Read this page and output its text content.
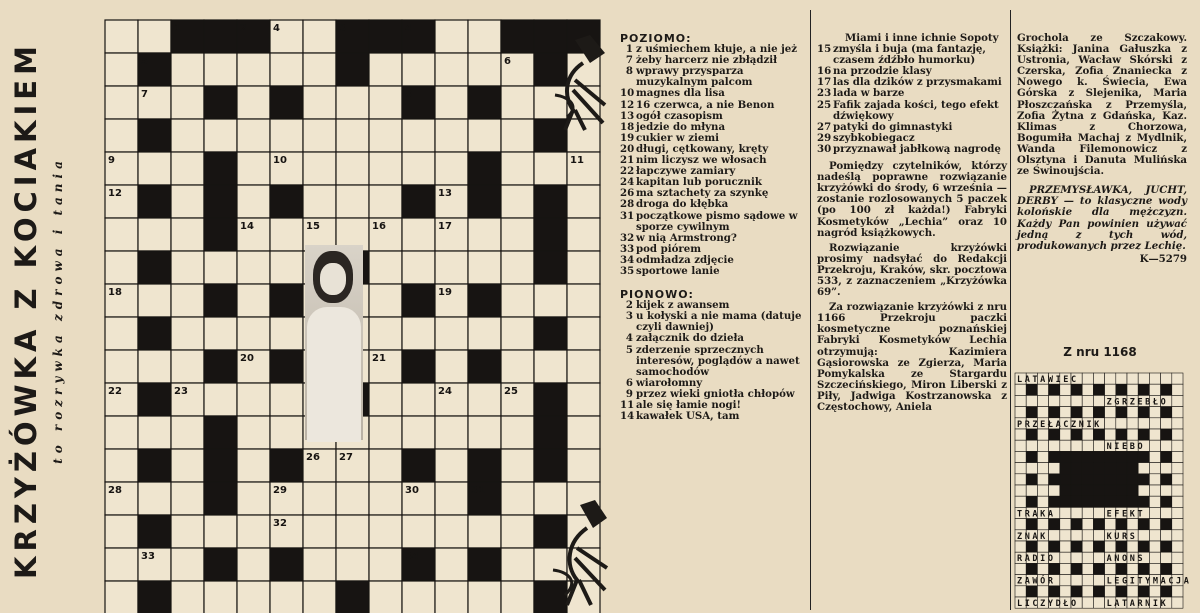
KRZYŻÓWKA Z KOCIAKIEM to rozrywka zdrowa i tania
1	4
2	3	4
5	6
7	8
9	10	11
12	13
14	15	16	17
18	19
20	21
22	23	24	25
26 27
28	29	30	31
32
33	34
POZIOMO:
1 z uśmiechem kłuje, a nie jeż
7 żeby harcerz nie zbłądził
8 wprawy przysparza muzykalnym palcom
10 magnes dla lisa
12 16 czerwca, a nie Benon
13 ogół czasopism
18 jedzie do młyna
19 cukier w ziemi
20 długi, cętkowany, kręty
21 nim liczysz we włosach
22 łapczywe zamiary
24 kapitan lub porucznik
26 ma sztachety za szynkę
28 droga do kłębka
31 początkowe pismo sądowe w sporze cywilnym
32 w nią Armstrong?
33 pod piórem
34 odmładza zdjęcie
35 sportowe lanie
PIONOWO:
2 kijek z awansem
3 u kołyski a nie mama (datuje czyli dawniej)
4 załącznik do dzieła
5 zderzenie sprzecznych interesów, poglądów a nawet samochodów
6 wiarołomny
9 przez wieki gniotła chłopów
11 ale się łamie nogi!
14 kawałek USA, tam
Miami i inne ichnie Sopoty
15 zmyśla i buja (ma fantazję, czasem źdźbło humorku)
16 na przodzie klasy
17 las dla dzików z przysmakami
23 lada w barze
25 Fafik zajada kości, tego efekt dźwiękowy
27 patyki do gimnastyki
29 szybkobiegacz
30 przyznawał jabłkową nagrodę

Pomiędzy czytelników, którzy nadeślą poprawne rozwiązanie krzyżówki do środy, 6 września — zostanie rozlosowanych 5 paczek (po 100 zł każda!) Fabryki Kosmetyków „Lechia” oraz 10 nagród książkowych.

Rozwiązanie krzyżówki prosimy nadsyłać do Redakcji Przekroju, Kraków, skr. pocztowa 533, z zaznaczeniem „Krzyżówka 69”.

Za rozwiązanie krzyżówki z nru 1166 Przekroju paczki kosmetyczne poznańskiej Fabryki Kosmetyków Lechia otrzymują: Kazimiera Gąsiorowska ze Zgierza, Maria Pomykalska ze Stargardu Szczecińskiego, Miron Liberski z Piły, Jadwiga Kostrzanowska z Częstochowy, Aniela

Grochola ze Szczakowy. Książki: Janina Gałuszka z Ustronia, Wacław Skórski z Czerska, Zofia Znaniecka z Nowego k. Świecia, Ewa Górska z Slejenika, Maria Płoszczańska z Przemyśla, Zofia Żytna z Gdańska, Kaz. Klimas z Chorzowa, Bogumiła Machaj z Mydlnik, Wanda Filemonowicz z Olsztyna i Danuta Mulińska ze Świnoujścia.

PRZEMYSŁAWKA, JUCHT, DERBY — to klasyczne wody kolońskie dla mężczyzn. Każdy Pan powinien używać jedną z tych wód, produkowanych przez Lechię.

K—5279
Z nru 1168
LATAWIEC
ZGRZEBŁO
PRZEŁĄCZNIK
NIEBO
TRAKA	EFEKT
ZNAK	KURS
RADIO	ANONS
ZAWÓR	LEGITYMACJA
LICZYDŁO	LATARNIK
